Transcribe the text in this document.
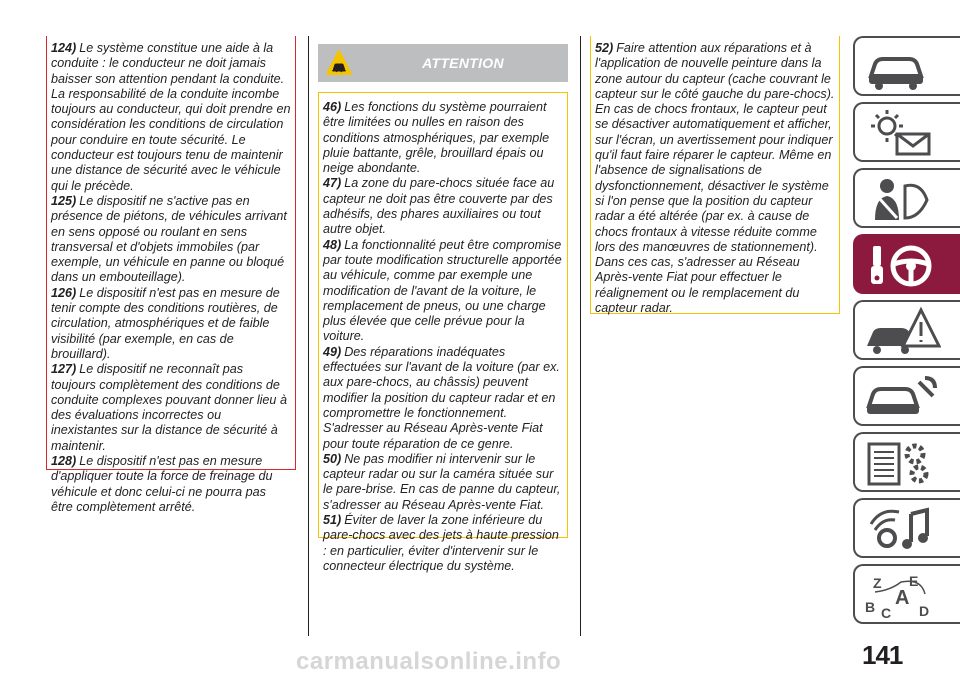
124) Le système constitue une aide à la conduite : le conducteur ne doit jamais baisser son attention pendant la conduite. La responsabilité de la conduite incombe toujours au conducteur, qui doit prendre en considération les conditions de circulation pour conduire en toute sécurité. Le conducteur est toujours tenu de maintenir une distance de sécurité avec le véhicule qui le précède.

125) Le dispositif ne s'active pas en présence de piétons, de véhicules arrivant en sens opposé ou roulant en sens transversal et d'objets immobiles (par exemple, un véhicule en panne ou bloqué dans un embouteillage).

126) Le dispositif n'est pas en mesure de tenir compte des conditions routières, de circulation, atmosphériques et de faible visibilité (par exemple, en cas de brouillard).

127) Le dispositif ne reconnaît pas toujours complètement des conditions de conduite complexes pouvant donner lieu à des évaluations incorrectes ou inexistantes sur la distance de sécurité à maintenir.

128) Le dispositif n'est pas en mesure d'appliquer toute la force de freinage du véhicule et donc celui-ci ne pourra pas être complètement arrêté.

ATTENTION

46) Les fonctions du système pourraient être limitées ou nulles en raison des conditions atmosphériques, par exemple pluie battante, grêle, brouillard épais ou neige abondante.

47) La zone du pare-chocs située face au capteur ne doit pas être couverte par des adhésifs, des phares auxiliaires ou tout autre objet.

48) La fonctionnalité peut être compromise par toute modification structurelle apportée au véhicule, comme par exemple une modification de l'avant de la voiture, le remplacement de pneus, ou une charge plus élevée que celle prévue pour la voiture.

49) Des réparations inadéquates effectuées sur l'avant de la voiture (par ex. aux pare-chocs, au châssis) peuvent modifier la position du capteur radar et en compromettre le fonctionnement. S'adresser au Réseau Après-vente Fiat pour toute réparation de ce genre.

50) Ne pas modifier ni intervenir sur le capteur radar ou sur la caméra située sur le pare-brise. En cas de panne du capteur, s'adresser au Réseau Après-vente Fiat.

51) Éviter de laver la zone inférieure du pare-chocs avec des jets à haute pression : en particulier, éviter d'intervenir sur le connecteur électrique du système.

52) Faire attention aux réparations et à l'application de nouvelle peinture dans la zone autour du capteur (cache couvrant le capteur sur le côté gauche du pare-chocs). En cas de chocs frontaux, le capteur peut se désactiver automatiquement et afficher, sur l'écran, un avertissement pour indiquer qu'il faut faire réparer le capteur. Même en l'absence de signalisations de dysfonctionnement, désactiver le système si l'on pense que la position du capteur radar a été altérée (par ex. à cause de chocs frontaux à vitesse réduite comme lors des manœuvres de stationnement). Dans ces cas, s'adresser au Réseau Après-vente Fiat pour effectuer le réalignement ou le remplacement du capteur radar.

Z E
A
B C D
141
carmanualsonline.info
